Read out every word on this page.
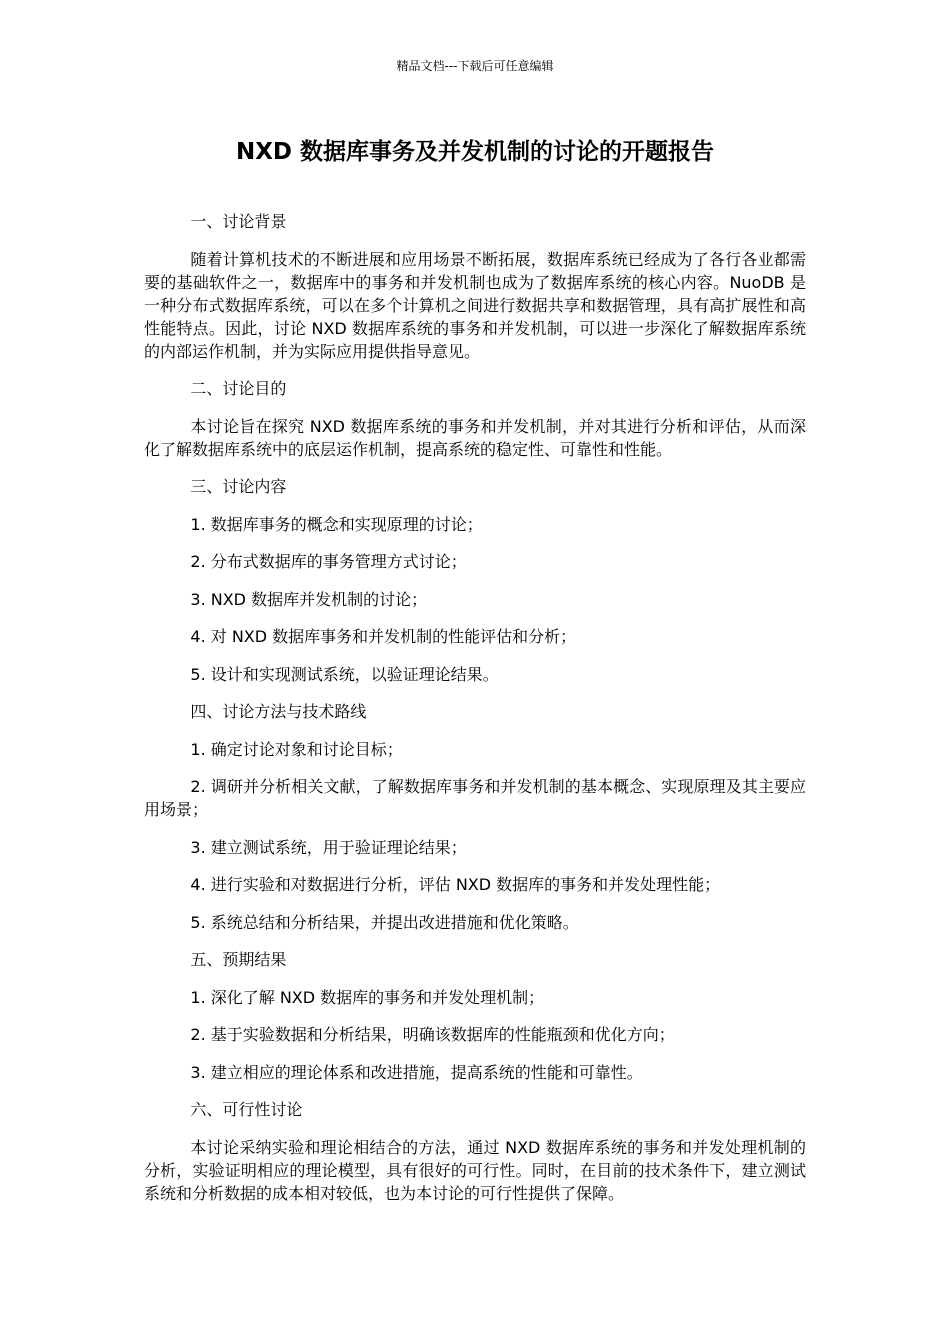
精品文档---下载后可任意编辑
NXD 数据库事务及并发机制的讨论的开题报告

一、讨论背景

随着计算机技术的不断进展和应用场景不断拓展，数据库系统已经成为了各行各业都需要的基础软件之一，数据库中的事务和并发机制也成为了数据库系统的核心内容。NuoDB 是一种分布式数据库系统，可以在多个计算机之间进行数据共享和数据管理，具有高扩展性和高性能特点。因此，讨论 NXD 数据库系统的事务和并发机制，可以进一步深化了解数据库系统的内部运作机制，并为实际应用提供指导意见。

二、讨论目的

本讨论旨在探究 NXD 数据库系统的事务和并发机制，并对其进行分析和评估，从而深化了解数据库系统中的底层运作机制，提高系统的稳定性、可靠性和性能。

三、讨论内容

1. 数据库事务的概念和实现原理的讨论；

2. 分布式数据库的事务管理方式讨论；

3. NXD 数据库并发机制的讨论；

4. 对 NXD 数据库事务和并发机制的性能评估和分析；

5. 设计和实现测试系统，以验证理论结果。

四、讨论方法与技术路线

1. 确定讨论对象和讨论目标；

2. 调研并分析相关文献，了解数据库事务和并发机制的基本概念、实现原理及其主要应用场景；

3. 建立测试系统，用于验证理论结果；

4. 进行实验和对数据进行分析，评估 NXD 数据库的事务和并发处理性能；

5. 系统总结和分析结果，并提出改进措施和优化策略。

五、预期结果

1. 深化了解 NXD 数据库的事务和并发处理机制；

2. 基于实验数据和分析结果，明确该数据库的性能瓶颈和优化方向；

3. 建立相应的理论体系和改进措施，提高系统的性能和可靠性。

六、可行性讨论

本讨论采纳实验和理论相结合的方法，通过 NXD 数据库系统的事务和并发处理机制的分析，实验证明相应的理论模型，具有很好的可行性。同时，在目前的技术条件下，建立测试系统和分析数据的成本相对较低，也为本讨论的可行性提供了保障。
